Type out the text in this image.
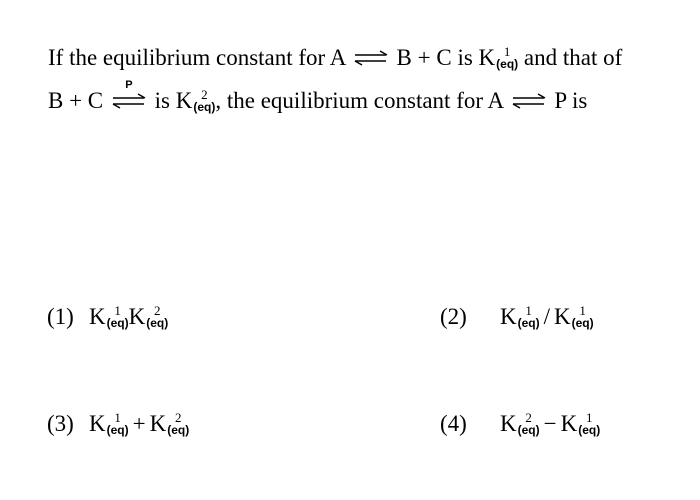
If the equilibrium constant for A ⇌ B + C is K 1
(eq) and that of
B + C
P
is K 2
(eq) , the equilibrium constant for A ⇌ P is
(1) K 1
(eq) K 2
(eq)	(2) K 1
(eq) / K 1
(eq)
(3) K 1
(eq) + K 2
(eq)	(4) K 2
(eq) − K 1
(eq)
